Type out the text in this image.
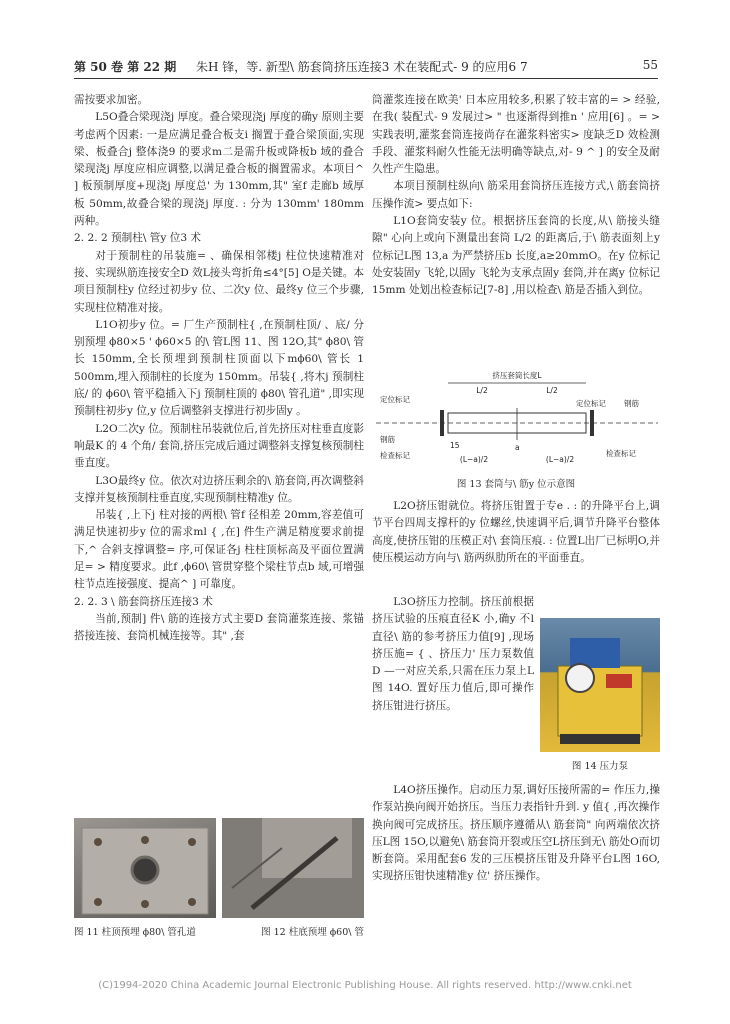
第 50 卷 第 22 期 朱H 锋，等. 新型\ 筋套筒挤压连接3 术在装配式- 9 的应用6 7	55

需按要求加密。

L5O叠合梁现浇j 厚度。叠合梁现浇j 厚度的确y 原则主要考虑两个因素: 一是应满足叠合板支i 搁置于叠合梁顶面,实现梁、板叠合j 整体浇9 的要求m二是需升板或降板b 域的叠合梁现浇j 厚度应相应调整,以满足叠合板的搁置需求。本项目^ ] 板预制厚度+现浇j 厚度总' 为 130mm,其" 室f 走廊b 域厚板 50mm,故叠合梁的现浇j 厚度. : 分为 130mm' 180mm 两种。

2. 2. 2 预制柱\ 管y 位3 术

对于预制柱的吊装施= 、确保相邻楼j 柱位快速精准对接、实现纵筋连接安全D 效L接头弯折角≤4°[5] O是关键。本项目预制柱y 位经过初步y 位、二次y 位、最终y 位三个步骤,实现柱位精准对接。

L1O初步y 位。= 厂生产预制柱{ ,在预制柱顶/ 、底/ 分别预埋 ϕ80×5 ' ϕ60×5 的\ 管L图 11、图 12O,其" ϕ80\ 管长 150mm,全长预埋到预制柱顶面以下mϕ60\ 管长 1 500mm,埋入预制柱的长度为 150mm。吊装{ ,将木j 预制柱底/ 的 ϕ60\ 管平稳插入下j 预制柱顶的 ϕ80\ 管孔道" ,即实现预制柱初步y 位,y 位后调整斜支撑进行初步固y 。

L2O二次y 位。预制柱吊装就位后,首先挤压对柱垂直度影响最K 的 4 个角/ 套筒,挤压完成后通过调整斜支撑复核预制柱垂直度。

L3O最终y 位。依次对边挤压剩余的\ 筋套筒,再次调整斜支撑并复核预制柱垂直度,实现预制柱精准y 位。

吊装{ ,上下j 柱对接的两根\ 管f 径相差 20mm,容差值可满足快速初步y 位的需求ml { ,在] 件生产满足精度要求前提下,^ 合斜支撑调整= 序,可保证各j 柱柱顶标高及平面位置满足= > 精度要求。此f ,ϕ60\ 管贯穿整个梁柱节点b 域,可增强柱节点连接强度、提高^ ] 可靠度。

2. 2. 3 \ 筋套筒挤压连接3 术

当前,预制] 件\ 筋的连接方式主要D 套筒灌浆连接、浆锚搭接连接、套筒机械连接等。其" ,套

图 11 柱顶预埋 ϕ80\ 管孔道	图 12 柱底预埋 ϕ60\ 管

筒灌浆连接在欧美' 日本应用较多,积累了较丰富的= > 经验,在我( 装配式- 9 发展过> " 也逐渐得到推n ' 应用[6] 。= > 实践表明,灌浆套筒连接尚存在灌浆料密实> 度缺乏D 效检测手段、灌浆料耐久性能无法明确等缺点,对- 9 ^ ] 的安全及耐久性产生隐患。

本项目预制柱纵向\ 筋采用套筒挤压连接方式,\ 筋套筒挤压操作流> 要点如下:

L1O套筒安装y 位。根据挤压套筒的长度,从\ 筋接头缝隙" 心向上或向下测量出套筒 L/2 的距离后,于\ 筋表面刻上y 位标记L图 13,a 为严禁挤压b 长度,a≥20mmO。在y 位标记处安装固y 飞轮,以固y 飞轮为支承点固y 套筒,并在离y 位标记 15mm 处划出检查标记[7-8] ,用以检查\ 筋是否插入到位。

挤压套筒长度L
L/2	L/2
定位标记	定位标记 钢筋
钢筋
检查标记	检查标记
15	a
(L−a)/2	(L−a)/2
图 13 套筒与\ 筋y 位示意图

L2O挤压钳就位。将挤压钳置于专e . : 的升降平台上,调节平台四周支撑杆的y 位螺丝,快速调平后,调节升降平台整体高度,使挤压钳的压模正对\ 套筒压痕. : 位置L出厂已标明O,并使压模运动方向与\ 筋两纵肋所在的平面垂直。

L3O挤压力控制。挤压前根据挤压试验的压痕直径K 小,确y 不l 直径\ 筋的参考挤压力值[9] ,现场挤压施= { 、挤压力' 压力泵数值D —一对应关系,只需在压力泵上L图 14O. 置好压力值后,即可操作挤压钳进行挤压。

图 14 压力泵

L4O挤压操作。启动压力泵,调好压接所需的= 作压力,操作泵站换向阀开始挤压。当压力表指针升到. y 值{ ,再次操作换向阀可完成挤压。挤压顺序遵循从\ 筋套筒" 向两端依次挤压L图 15O,以避免\ 筋套筒开裂或压空L挤压到无\ 筋处O而切断套筒。采用配套6 发的三压模挤压钳及升降平台L图 16O,实现挤压钳快速精准y 位' 挤压操作。

(C)1994-2020 China Academic Journal Electronic Publishing House. All rights reserved. http://www.cnki.net
